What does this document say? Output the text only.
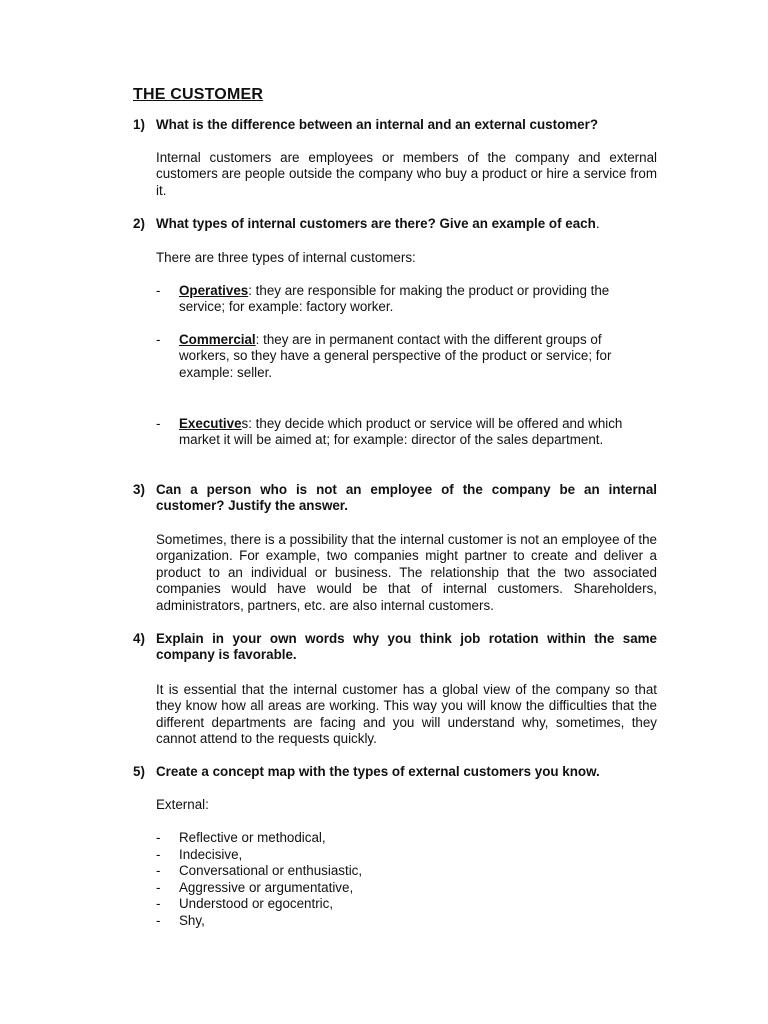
THE CUSTOMER
1) What is the difference between an internal and an external customer?

Internal customers are employees or members of the company and external customers are people outside the company who buy a product or hire a service from it.

2) What types of internal customers are there? Give an example of each.

There are three types of internal customers:

- Operatives: they are responsible for making the product or providing the service; for example: factory worker.
- Commercial: they are in permanent contact with the different groups of workers, so they have a general perspective of the product or service; for example: seller.
- Executives: they decide which product or service will be offered and which market it will be aimed at; for example: director of the sales department.
3) Can a person who is not an employee of the company be an internal customer? Justify the answer.

Sometimes, there is a possibility that the internal customer is not an employee of the organization. For example, two companies might partner to create and deliver a product to an individual or business. The relationship that the two associated companies would have would be that of internal customers. Shareholders, administrators, partners, etc. are also internal customers.

4) Explain in your own words why you think job rotation within the same company is favorable.

It is essential that the internal customer has a global view of the company so that they know how all areas are working. This way you will know the difficulties that the different departments are facing and you will understand why, sometimes, they cannot attend to the requests quickly.

5) Create a concept map with the types of external customers you know.

External:

- Reflective or methodical,
- Indecisive,
- Conversational or enthusiastic,
- Aggressive or argumentative,
- Understood or egocentric,
- Shy,
